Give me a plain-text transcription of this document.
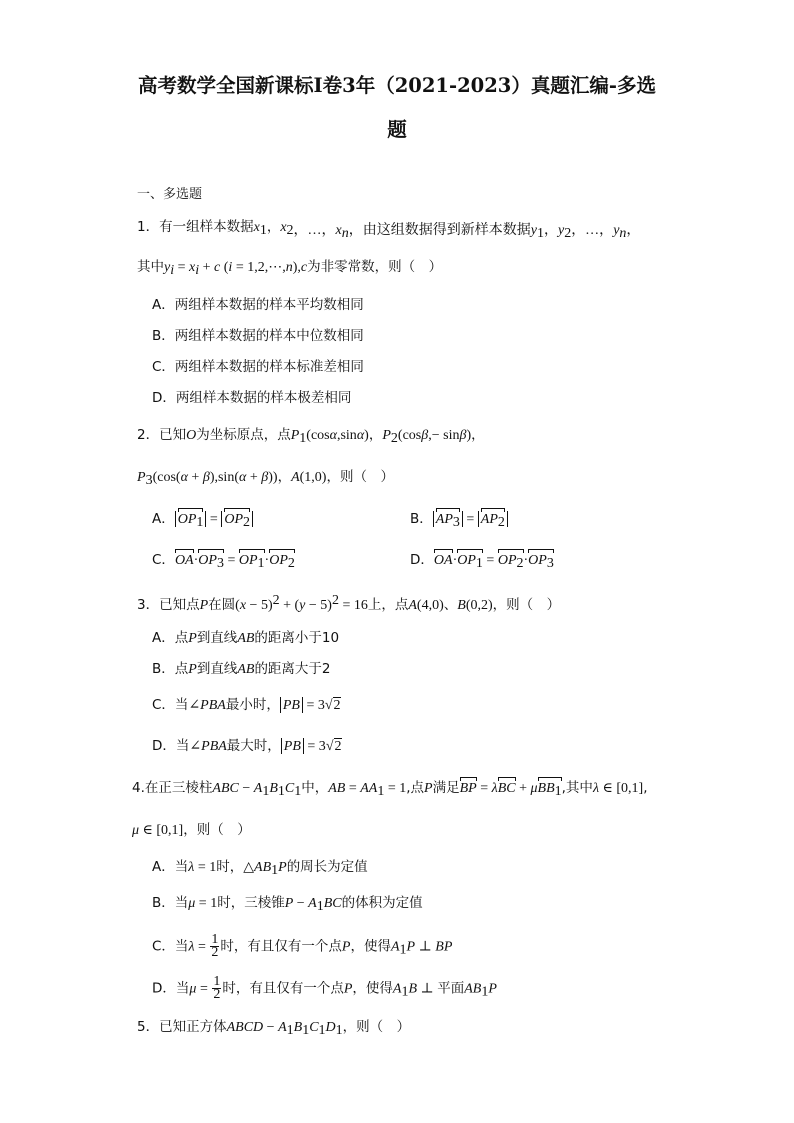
高考数学全国新课标Ⅰ卷3年（2021-2023）真题汇编-多选
题
一、多选题
1．有一组样本数据$x_1$，$x_{2,\dots,x_n,由这组数据得到新样本数据y_1,y_2,\dots,y_n,}$
其中$y_i = x_i + c$ (i = 1,2,⋯,n),c为非零常数，则（　）
A．两组样本数据的样本平均数相同
B．两组样本数据的样本中位数相同
C．两组样本数据的样本标准差相同
D．两组样本数据的样本极差相同
2．已知O为坐标原点，点$P_1(\cos\alpha,\sin\alpha)$，$P_2(\cos\beta,- \sin\beta)$，
$P_3(\cos(\alpha + \beta),\sin(\alpha + \beta))$，A(1,0)，则（　）
A． $OP_1 = OP_2$	B． $AP_3 = AP_2$
C．$OA\cdot OP_3 = OP_1\cdot OP_2$	D．$OA\cdot OP_1 = OP_2\cdot OP_3$
3．已知点P在圆$(x - 5)^2 + (y - 5)^2 = 16$上，点A(4,0)、B(0,2)，则（　）
A．点P到直线AB的距离小于10
B．点P到直线AB的距离大于2
C．当∠PBA最小时， PB = 3√2
D．当∠PBA最大时， PB = 3√2
4.在正三棱柱ABC − $A_1B_1C_1$中，AB = $AA_1 = 1$,点P满足BP = λBC + μBB$_1$,其中λ ∈ [0,1],
μ ∈ [0,1]，则（　）
A．当λ = 1时，$\triangle AB_1P$的周长为定值
B．当μ = 1时，三棱锥$P - A_1BC$的体积为定值
C．当$\lambda = \frac{1}{2}$ 时，有且仅有一个点P，使得$A_1P$ ⊥ BP
D．当$\mu = \frac{1}{2}$ 时，有且仅有一个点P，使得$A_1B$ ⊥ 平面$AB_1P$
5．已知正方体ABCD − $A_1B_1C_1D_1$，则（　）
